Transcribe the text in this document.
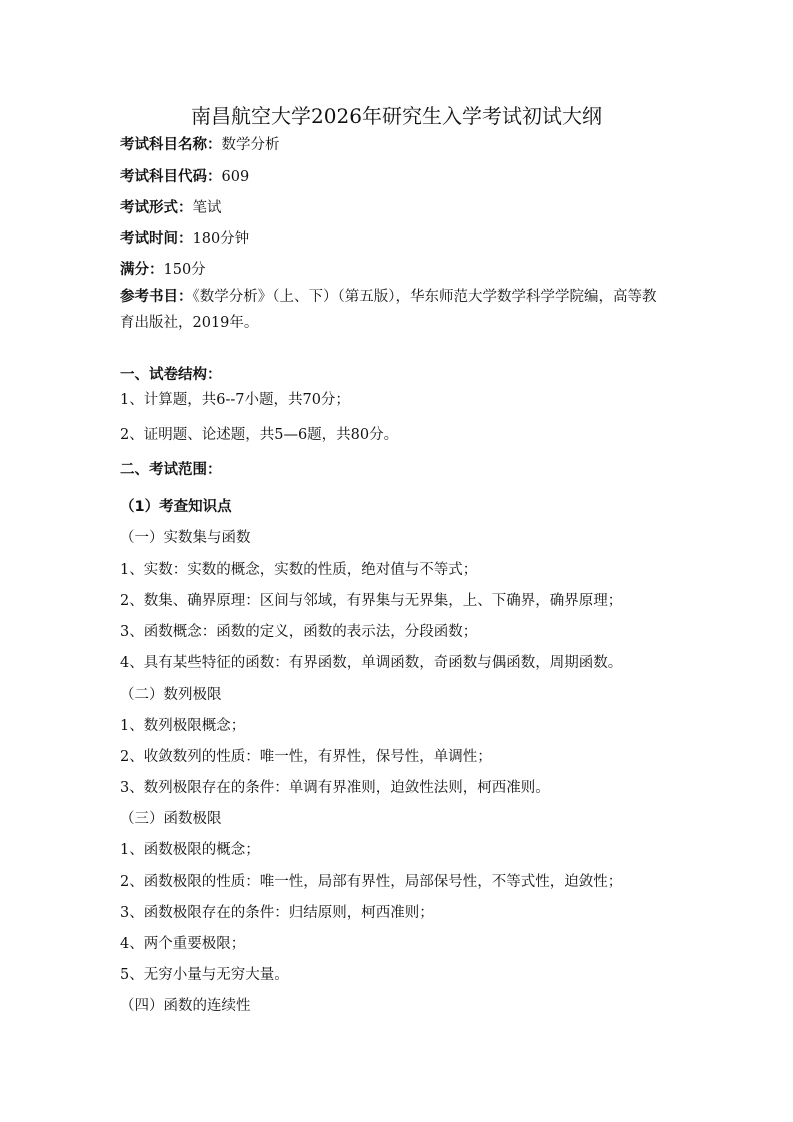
南昌航空大学2026年研究生入学考试初试大纲
考试科目名称：数学分析
考试科目代码：609
考试形式：笔试
考试时间：180分钟
满分：150分
参考书目：《数学分析》（上、下）（第五版），华东师范大学数学科学学院编，高等教育出版社，2019年。
一、试卷结构：
1、计算题，共6--7小题，共70分；
2、证明题、论述题，共5—6题，共80分。
二、考试范围：
（1）考查知识点
（一）实数集与函数
1、实数：实数的概念，实数的性质，绝对值与不等式；
2、数集、确界原理：区间与邻域，有界集与无界集，上、下确界，确界原理；
3、函数概念：函数的定义，函数的表示法，分段函数；
4、具有某些特征的函数：有界函数，单调函数，奇函数与偶函数，周期函数。
（二）数列极限
1、数列极限概念；
2、收敛数列的性质：唯一性，有界性，保号性，单调性；
3、数列极限存在的条件：单调有界准则，迫敛性法则，柯西准则。
（三）函数极限
1、函数极限的概念；
2、函数极限的性质：唯一性，局部有界性，局部保号性，不等式性，迫敛性；
3、函数极限存在的条件：归结原则，柯西准则；
4、两个重要极限；
5、无穷小量与无穷大量。
（四）函数的连续性
